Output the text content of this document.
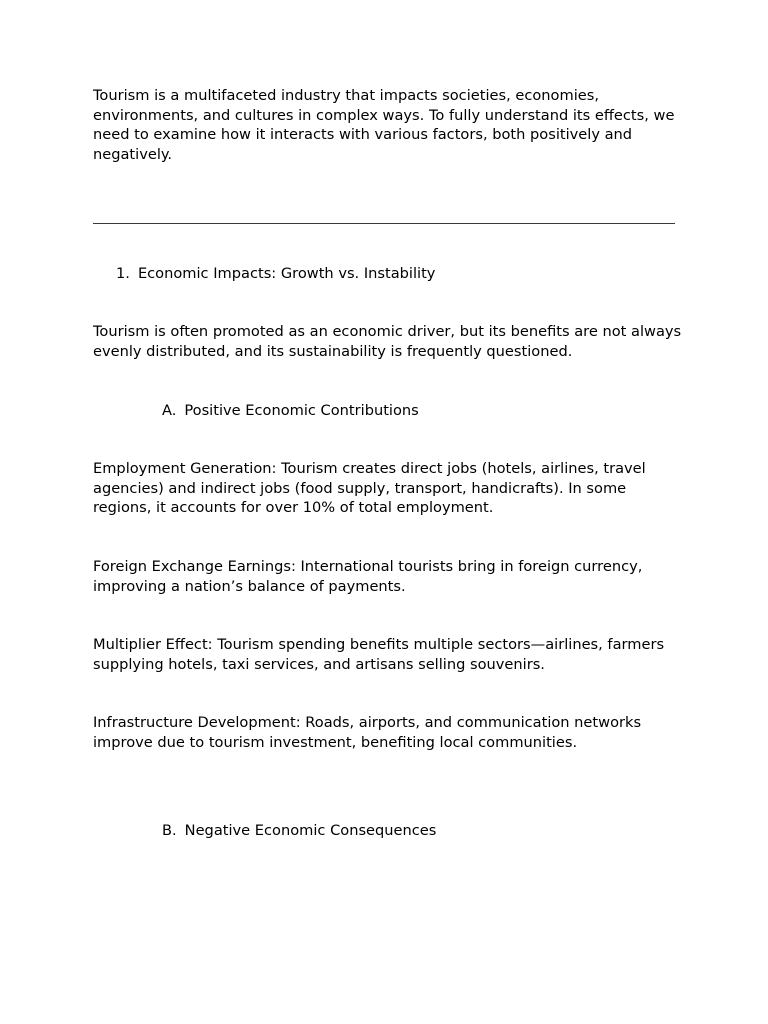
Tourism is a multifaceted industry that impacts societies, economies, environments, and cultures in complex ways. To fully understand its effects, we need to examine how it interacts with various factors, both positively and negatively.

1. Economic Impacts: Growth vs. Instability

Tourism is often promoted as an economic driver, but its benefits are not always evenly distributed, and its sustainability is frequently questioned.

A. Positive Economic Contributions

Employment Generation: Tourism creates direct jobs (hotels, airlines, travel agencies) and indirect jobs (food supply, transport, handicrafts). In some regions, it accounts for over 10% of total employment.

Foreign Exchange Earnings: International tourists bring in foreign currency, improving a nation’s balance of payments.

Multiplier Effect: Tourism spending benefits multiple sectors—airlines, farmers supplying hotels, taxi services, and artisans selling souvenirs.

Infrastructure Development: Roads, airports, and communication networks improve due to tourism investment, benefiting local communities.

B. Negative Economic Consequences
